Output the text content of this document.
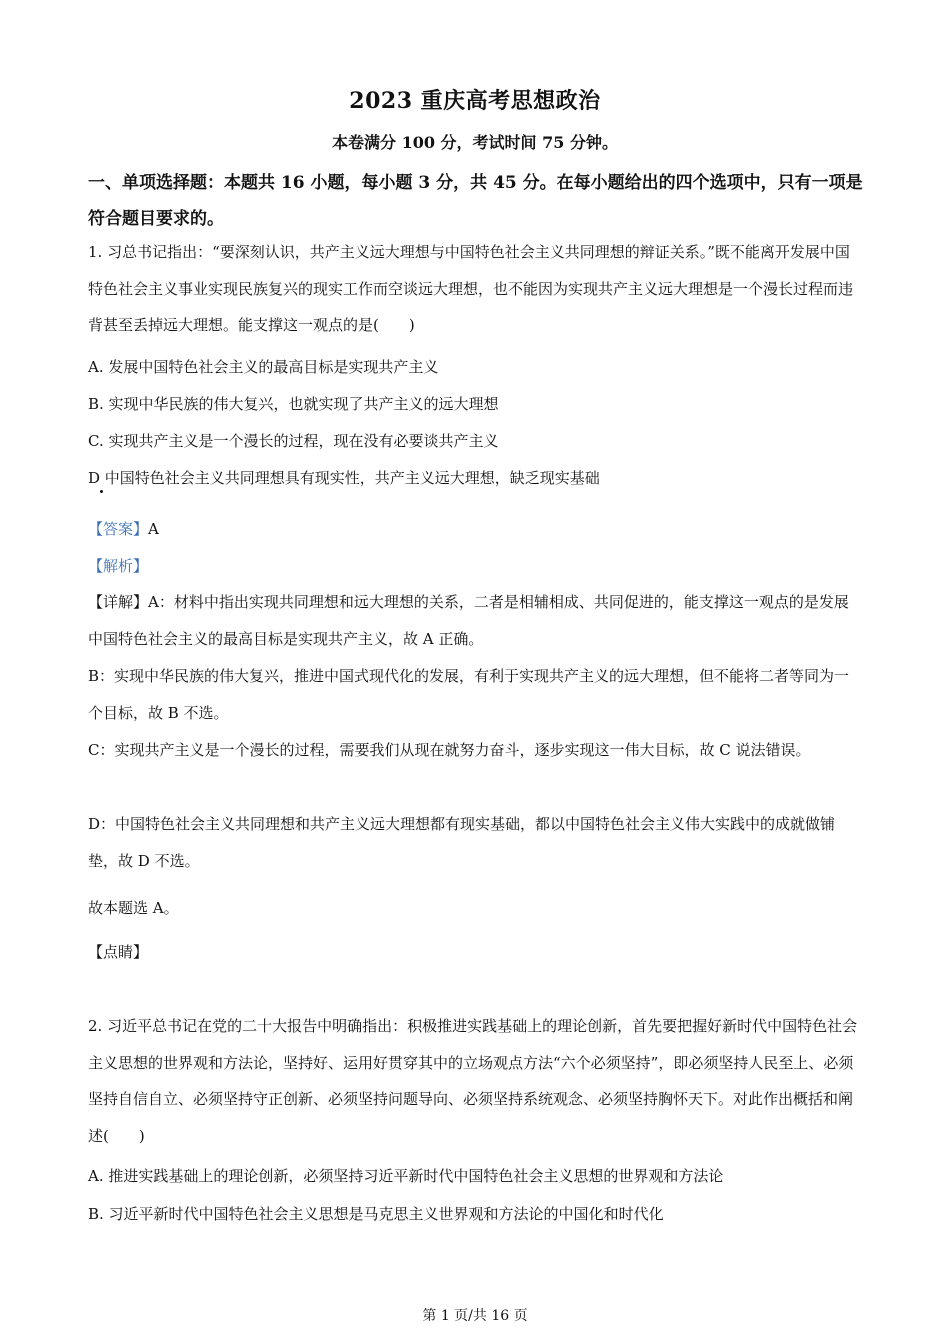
2023 重庆高考思想政治
本卷满分 100 分，考试时间 75 分钟。
一、单项选择题：本题共 16 小题，每小题 3 分，共 45 分。在每小题给出的四个选项中，只有一项是符合题目要求的。
1. 习总书记指出：“要深刻认识，共产主义远大理想与中国特色社会主义共同理想的辩证关系。”既不能离开发展中国特色社会主义事业实现民族复兴的现实工作而空谈远大理想，也不能因为实现共产主义远大理想是一个漫长过程而违背甚至丢掉远大理想。能支撑这一观点的是(　　)
A. 发展中国特色社会主义的最高目标是实现共产主义
B. 实现中华民族的伟大复兴，也就实现了共产主义的远大理想
C. 实现共产主义是一个漫长的过程，现在没有必要谈共产主义
D 中国特色社会主义共同理想具有现实性，共产主义远大理想，缺乏现实基础
【答案】A
【解析】
【详解】A：材料中指出实现共同理想和远大理想的关系，二者是相辅相成、共同促进的，能支撑这一观点的是发展中国特色社会主义的最高目标是实现共产主义，故 A 正确。
B：实现中华民族的伟大复兴，推进中国式现代化的发展，有利于实现共产主义的远大理想，但不能将二者等同为一个目标，故 B 不选。
C：实现共产主义是一个漫长的过程，需要我们从现在就努力奋斗，逐步实现这一伟大目标，故 C 说法错误。
D：中国特色社会主义共同理想和共产主义远大理想都有现实基础，都以中国特色社会主义伟大实践中的成就做铺垫，故 D 不选。
故本题选 A。
【点睛】
2. 习近平总书记在党的二十大报告中明确指出：积极推进实践基础上的理论创新，首先要把握好新时代中国特色社会主义思想的世界观和方法论，坚持好、运用好贯穿其中的立场观点方法“六个必须坚持”，即必须坚持人民至上、必须坚持自信自立、必须坚持守正创新、必须坚持问题导向、必须坚持系统观念、必须坚持胸怀天下。对此作出概括和阐述(　　)
A. 推进实践基础上的理论创新，必须坚持习近平新时代中国特色社会主义思想的世界观和方法论
B. 习近平新时代中国特色社会主义思想是马克思主义世界观和方法论的中国化和时代化
第 1 页/共 16 页
